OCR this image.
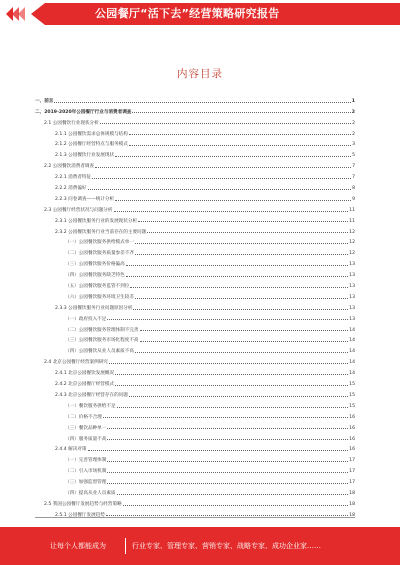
公园餐厅“活下去”经营策略研究报告
内容目录
一、前言	1
二、2019-2020年公园餐厅行业与消费者调查	2
2.1 公园餐饮行业现状分析	2
2.1.1 公园餐饮需求总体规模与结构	2
2.1.2 公园餐厅经营特点与服务模式	3
2.1.3 公园餐饮行业发展现状	5
2.2 公园餐饮消费者调查	7
2.2.1 消费者特征	7
2.2.2 消费偏好	8
2.2.3 问卷调查——统计分析	9
2.3 公园餐厅经营状况与问题分析	11
2.3.1 公园餐饮服务行业的发展现状分析	11
2.3.2 公园餐饮服务行业当前存在的主要问题	12
（一）公园餐饮服务供给模式单一	12
（二）公园餐饮服务质量参差不齐	12
（三）公园餐饮服务价格偏高	13
（四）公园餐饮服务缺乏特色	13
（五）公园餐饮服务监管不到位	13
（六）公园餐饮服务环境卫生较差	13
2.3.3 公园餐饮服务行业问题原因分析	13
（一）政府投入不足	13
（二）公园餐饮服务管理体制不完善	14
（三）公园餐饮服务市场化程度不高	14
（四）公园餐饮从业人员素质不高	14
2.4 北京公园餐厅经营案例研究	14
2.4.1 北京公园餐饮发展概况	14
2.4.2 北京公园餐厅经营模式	15
2.4.3 北京公园餐厅经营存在的问题	15
（一）餐饮服务供给不足	15
（二）价格不合理	16
（三）餐饮品种单一	16
（四）服务质量不高	16
2.4.4 解决对策	16
（一）完善管理体制	17
（二）引入市场机制	17
（三）加强监督管理	17
（四）提高从业人员素质	18
2.5 我国公园餐厅发展趋势与经营策略	18
2.5.1 公园餐厅发展趋势	18
让每个人都能成为	行业专家、管理专家、营销专家、战略专家、成功企业家……
